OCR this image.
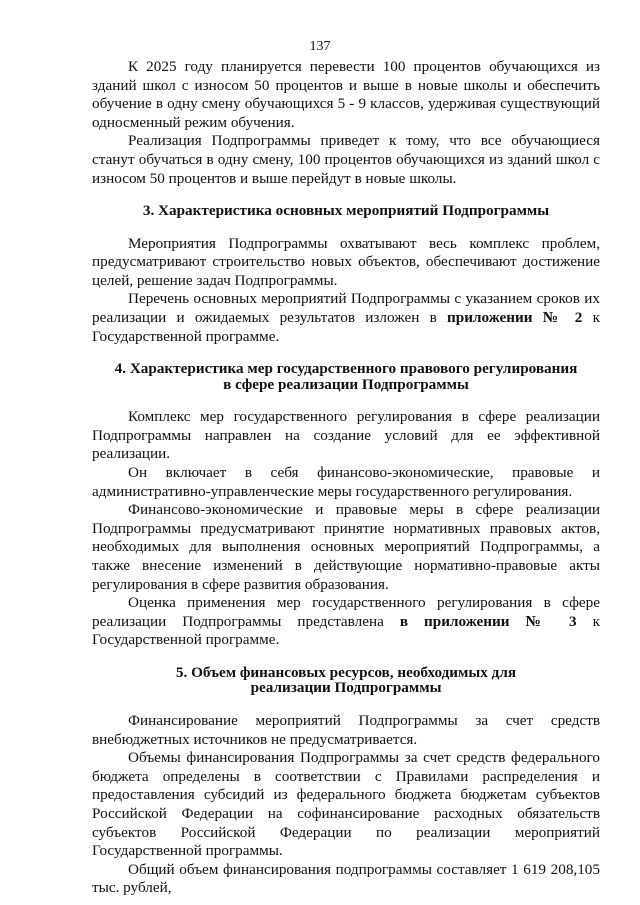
137

К 2025 году планируется перевести 100 процентов обучающихся из зданий школ с износом 50 процентов и выше в новые школы и обеспечить обучение в одну смену обучающихся 5 - 9 классов, удерживая существующий односменный режим обучения.

Реализация Подпрограммы приведет к тому, что все обучающиеся станут обучаться в одну смену, 100 процентов обучающихся из зданий школ с износом 50 процентов и выше перейдут в новые школы.

3. Характеристика основных мероприятий Подпрограммы

Мероприятия Подпрограммы охватывают весь комплекс проблем, предусматривают строительство новых объектов, обеспечивают достижение целей, решение задач Подпрограммы.

Перечень основных мероприятий Подпрограммы с указанием сроков их реализации и ожидаемых результатов изложен в приложении № 2 к Государственной программе.

4. Характеристика мер государственного правового регулирования
в сфере реализации Подпрограммы

Комплекс мер государственного регулирования в сфере реализации Подпрограммы направлен на создание условий для ее эффективной реализации.

Он включает в себя финансово-экономические, правовые и административно-управленческие меры государственного регулирования.

Финансово-экономические и правовые меры в сфере реализации Подпрограммы предусматривают принятие нормативных правовых актов, необходимых для выполнения основных мероприятий Подпрограммы, а также внесение изменений в действующие нормативно-правовые акты регулирования в сфере развития образования.

Оценка применения мер государственного регулирования в сфере реализации Подпрограммы представлена в приложении № 3 к Государственной программе.

5. Объем финансовых ресурсов, необходимых для
реализации Подпрограммы

Финансирование мероприятий Подпрограммы за счет средств внебюджетных источников не предусматривается.

Объемы финансирования Подпрограммы за счет средств федерального бюджета определены в соответствии с Правилами распределения и предоставления субсидий из федерального бюджета бюджетам субъектов Российской Федерации на софинансирование расходных обязательств субъектов Российской Федерации по реализации мероприятий Государственной программы.

Общий объем финансирования подпрограммы составляет 1 619 208,105 тыс. рублей,
